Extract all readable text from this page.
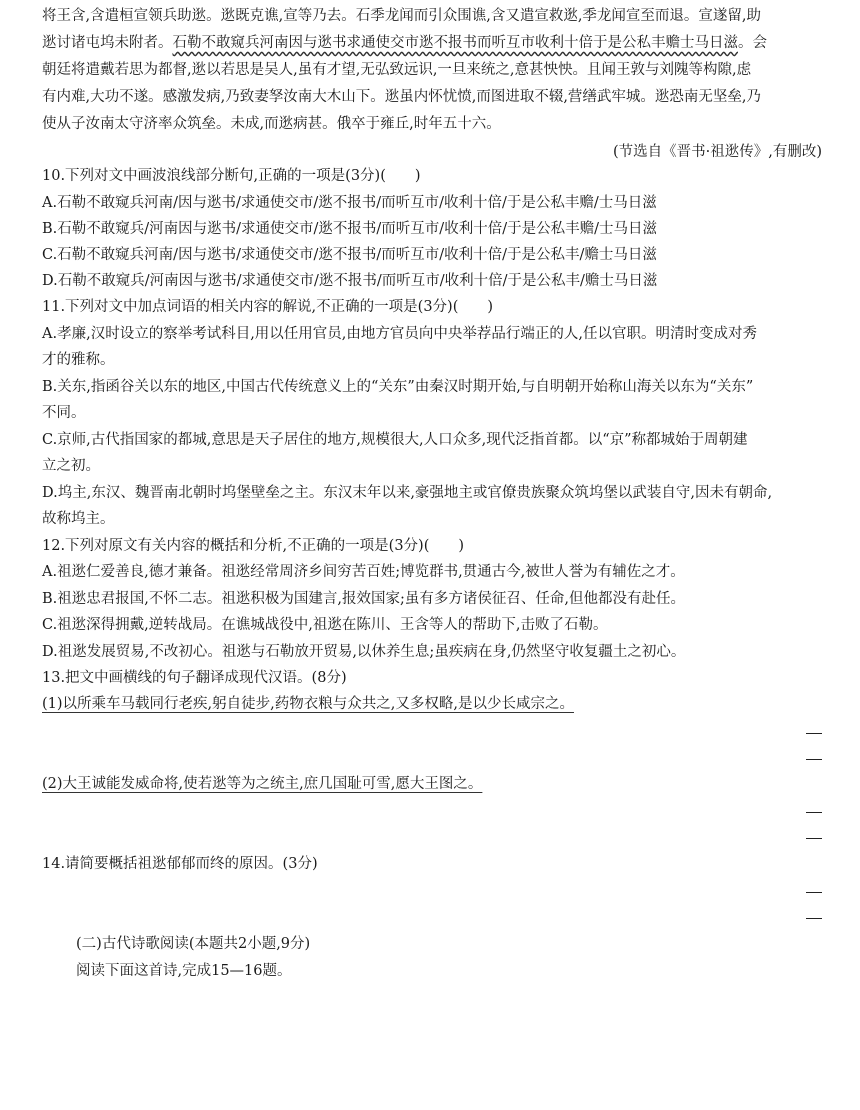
将王含,含遣桓宣领兵助逖。逖既克谯,宣等乃去。石季龙闻而引众围谯,含又遣宣救逖,季龙闻宣至而退。宣遂留,助
逖讨诸屯坞未附者。石勒不敢窥兵河南因与逖书求通使交市逖不报书而听互市收利十倍于是公私丰赡士马日滋。会
朝廷将遣戴若思为都督,逖以若思是吴人,虽有才望,无弘致远识,一旦来统之,意甚怏怏。且闻王敦与刘隗等构隙,虑
有内难,大功不遂。感激发病,乃致妻孥汝南大木山下。逖虽内怀忧愤,而图进取不辍,营缮武牢城。逖恐南无坚垒,乃
使从子汝南太守济率众筑垒。未成,而逖病甚。俄卒于雍丘,时年五十六。
(节选自《晋书·祖逖传》,有删改)
10.下列对文中画波浪线部分断句,正确的一项是(3分)(　　)
A.石勒不敢窥兵河南/因与逖书/求通使交市/逖不报书/而听互市/收利十倍/于是公私丰赡/士马日滋
B.石勒不敢窥兵/河南因与逖书/求通使交市/逖不报书/而听互市/收利十倍/于是公私丰赡/士马日滋
C.石勒不敢窥兵河南/因与逖书/求通使交市/逖不报书/而听互市/收利十倍/于是公私丰/赡士马日滋
D.石勒不敢窥兵/河南因与逖书/求通使交市/逖不报书/而听互市/收利十倍/于是公私丰/赡士马日滋
11.下列对文中加点词语的相关内容的解说,不正确的一项是(3分)(　　)
A.孝廉,汉时设立的察举考试科目,用以任用官员,由地方官员向中央举荐品行端正的人,任以官职。明清时变成对秀
才的雅称。
B.关东,指函谷关以东的地区,中国古代传统意义上的“关东”由秦汉时期开始,与自明朝开始称山海关以东为“关东”
不同。
C.京师,古代指国家的都城,意思是天子居住的地方,规模很大,人口众多,现代泛指首都。以“京”称都城始于周朝建
立之初。
D.坞主,东汉、魏晋南北朝时坞堡壁垒之主。东汉末年以来,豪强地主或官僚贵族聚众筑坞堡以武装自守,因未有朝命,
故称坞主。
12.下列对原文有关内容的概括和分析,不正确的一项是(3分)(　　)
A.祖逖仁爱善良,德才兼备。祖逖经常周济乡间穷苦百姓;博览群书,贯通古今,被世人誉为有辅佐之才。
B.祖逖忠君报国,不怀二志。祖逖积极为国建言,报效国家;虽有多方诸侯征召、任命,但他都没有赴任。
C.祖逖深得拥戴,逆转战局。在谯城战役中,祖逖在陈川、王含等人的帮助下,击败了石勒。
D.祖逖发展贸易,不改初心。祖逖与石勒放开贸易,以休养生息;虽疾病在身,仍然坚守收复疆土之初心。
13.把文中画横线的句子翻译成现代汉语。(8分)
(1)以所乘车马载同行老疾,躬自徒步,药物衣粮与众共之,又多权略,是以少长咸宗之。
(2)大王诚能发威命将,使若逖等为之统主,庶几国耻可雪,愿大王图之。
14.请简要概括祖逖郁郁而终的原因。(3分)
(二)古代诗歌阅读(本题共2小题,9分)
阅读下面这首诗,完成15—16题。
